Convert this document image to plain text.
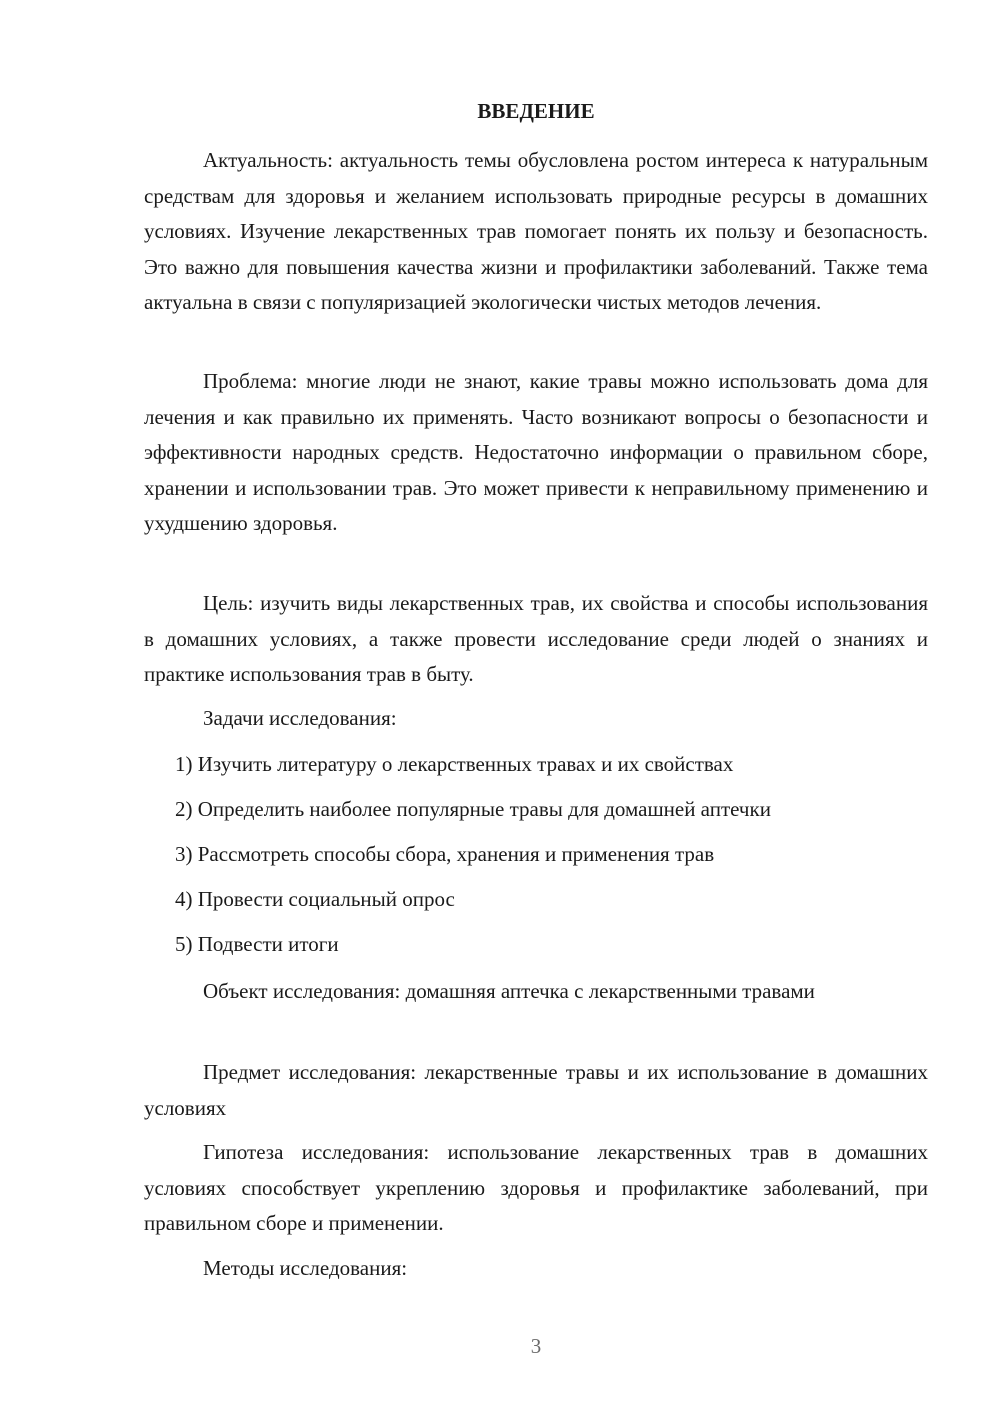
ВВЕДЕНИЕ

Актуальность: актуальность темы обусловлена ростом интереса к натуральным средствам для здоровья и желанием использовать природные ресурсы в домашних условиях. Изучение лекарственных трав помогает понять их пользу и безопасность. Это важно для повышения качества жизни и профилактики заболеваний. Также тема актуальна в связи с популяризацией экологически чистых методов лечения.

Проблема: многие люди не знают, какие травы можно использовать дома для лечения и как правильно их применять. Часто возникают вопросы о безопасности и эффективности народных средств. Недостаточно информации о правильном сборе, хранении и использовании трав. Это может привести к неправильному применению и ухудшению здоровья.

Цель: изучить виды лекарственных трав, их свойства и способы использования в домашних условиях, а также провести исследование среди людей о знаниях и практике использования трав в быту.

Задачи исследования:

1) Изучить литературу о лекарственных травах и их свойствах

2) Определить наиболее популярные травы для домашней аптечки

3) Рассмотреть способы сбора, хранения и применения трав

4) Провести социальный опрос

5) Подвести итоги

Объект исследования: домашняя аптечка с лекарственными травами

Предмет исследования: лекарственные травы и их использование в домашних условиях

Гипотеза исследования: использование лекарственных трав в домашних условиях способствует укреплению здоровья и профилактике заболеваний, при правильном сборе и применении.

Методы исследования:

3
